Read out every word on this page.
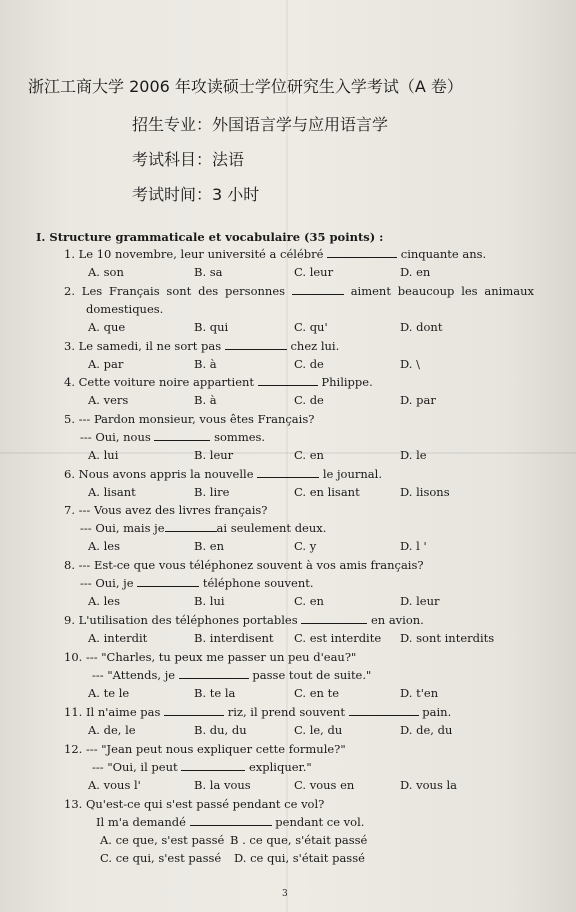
浙江工商大学 2006 年攻读硕士学位研究生入学考试（A 卷）
招生专业：外国语言学与应用语言学
考试科目：法语
考试时间：3 小时
I. Structure grammaticale et vocabulaire (35 points) :
1. Le 10 novembre, leur université a célébré	cinquante ans.
A. son	B. sa	C. leur	D. en
2. Les Français sont des personnes	aiment beaucoup les animaux
domestiques.
A. que	B. qui	C. qu'	D. dont
3. Le samedi, il ne sort pas	chez lui.
A. par	B. à	C. de	D. \
4. Cette voiture noire appartient	Philippe.
A. vers	B. à	C. de	D. par
5. --- Pardon monsieur, vous êtes Français?
--- Oui, nous	sommes.
A. lui	B. leur	C. en	D. le
6. Nous avons appris la nouvelle	le journal.
A. lisant	B. lire	C. en lisant	D. lisons
7. --- Vous avez des livres français?
--- Oui, mais je	ai seulement deux.
A. les	B. en	C. y	D. l '
8. --- Est-ce que vous téléphonez souvent à vos amis français?
--- Oui, je	téléphone souvent.
A. les	B. lui	C. en	D. leur
9. L'utilisation des téléphones portables	en avion.
A. interdit	B. interdisent C. est interdite D. sont interdits
10. --- "Charles, tu peux me passer un peu d'eau?"
--- "Attends, je	passe tout de suite."
A. te le	B. te la	C. en te	D. t'en
11. Il n'aime pas	riz, il prend souvent	pain.
A. de, le	B. du, du	C. le, du	D. de, du
12. --- "Jean peut nous expliquer cette formule?"
--- "Oui, il peut	expliquer."
A. vous l'	B. la vous	C. vous en	D. vous la
13. Qu'est-ce qui s'est passé pendant ce vol?
Il m'a demandé	pendant ce vol.
A. ce que, s'est passé B . ce que, s'était passé
C. ce qui, s'est passé D. ce qui, s'était passé
3
